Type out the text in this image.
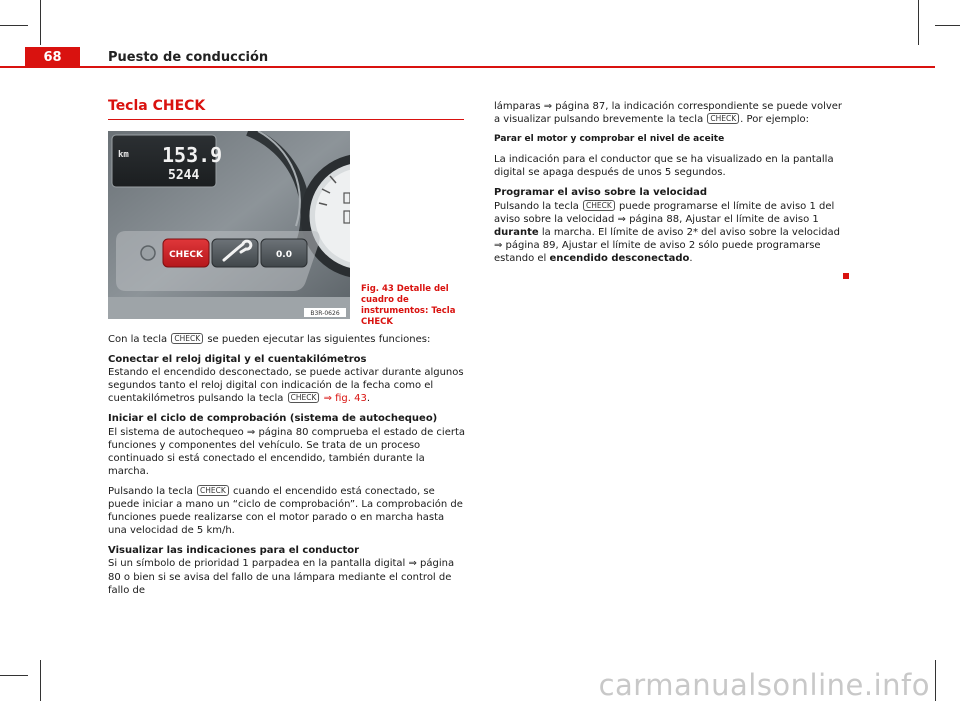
68	Puesto de conducción
Tecla CHECK
km 153.9
5244
CHECK	0.0
B3R-0626
Fig. 43 Detalle del cuadro de instrumentos: Tecla CHECK

Con la tecla CHECK se pueden ejecutar las siguientes funciones:

Conectar el reloj digital y el cuentakilómetros

Estando el encendido desconectado, se puede activar durante algunos segundos tanto el reloj digital con indicación de la fecha como el cuentakilómetros pulsando la tecla CHECK ⇒ fig. 43.

Iniciar el ciclo de comprobación (sistema de autochequeo)

El sistema de autochequeo ⇒ página 80 comprueba el estado de cierta funciones y componentes del vehículo. Se trata de un proceso continuado si está conectado el encendido, también durante la marcha.

Pulsando la tecla CHECK cuando el encendido está conectado, se puede iniciar a mano un “ciclo de comprobación”. La comprobación de funciones puede realizarse con el motor parado o en marcha hasta una velocidad de 5 km/h.

Visualizar las indicaciones para el conductor

Si un símbolo de prioridad 1 parpadea en la pantalla digital ⇒ página 80 o bien si se avisa del fallo de una lámpara mediante el control de fallo de

lámparas ⇒ página 87, la indicación correspondiente se puede volver a visualizar pulsando brevemente la tecla CHECK . Por ejemplo:

Parar el motor y comprobar el nivel de aceite

La indicación para el conductor que se ha visualizado en la pantalla digital se apaga después de unos 5 segundos.

Programar el aviso sobre la velocidad

Pulsando la tecla CHECK puede programarse el límite de aviso 1 del aviso sobre la velocidad ⇒ página 88, Ajustar el límite de aviso 1 durante la marcha. El límite de aviso 2* del aviso sobre la velocidad ⇒ página 89, Ajustar el límite de aviso 2 sólo puede programarse estando el encendido desconectado.

carmanualsonline.info
